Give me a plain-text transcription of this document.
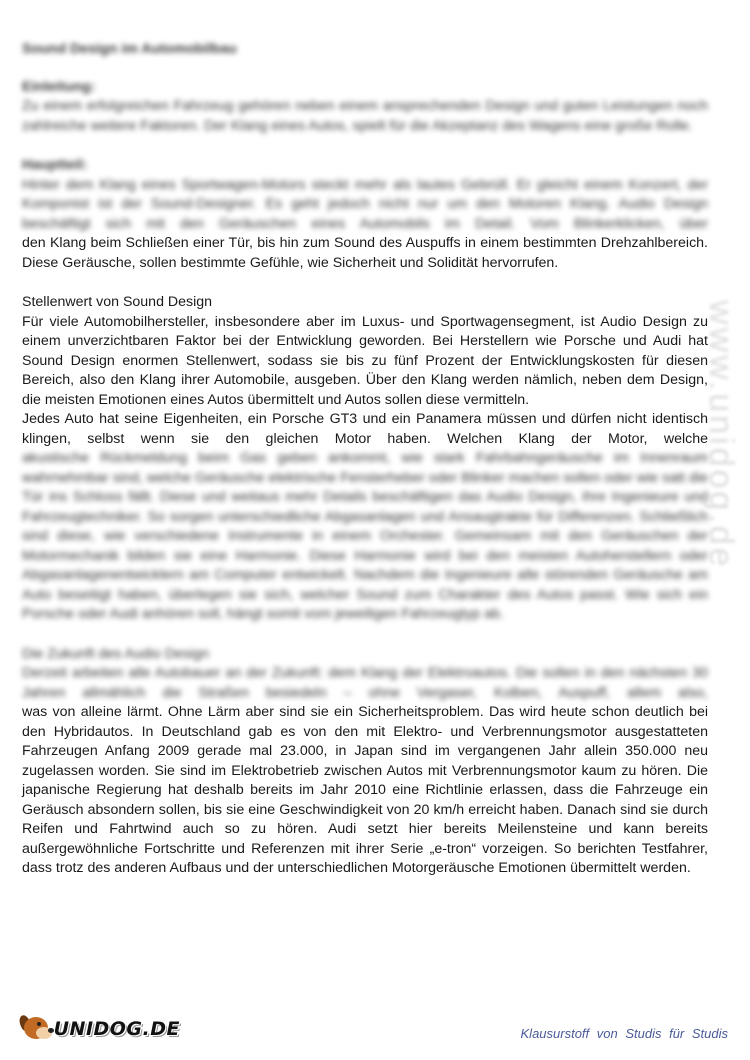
Sound Design im Automobilbau

Einleitung:

Zu einem erfolgreichen Fahrzeug gehören neben einem ansprechenden Design und guten Leistungen noch zahlreiche weitere Faktoren. Der Klang eines Autos, spielt für die Akzeptanz des Wagens eine große Rolle.

Hauptteil:

Hinter dem Klang eines Sportwagen-Motors steckt mehr als lautes Gebrüll. Er gleicht einem Konzert, der Komponist ist der Sound-Designer. Es geht jedoch nicht nur um den Motoren Klang. Audio Design beschäftigt sich mit den Geräuschen eines Automobils im Detail. Vom Blinkerklicken, über

den Klang beim Schließen einer Tür, bis hin zum Sound des Auspuffs in einem bestimmten Drehzahlbereich. Diese Geräusche, sollen bestimmte Gefühle, wie Sicherheit und Solidität hervorrufen.

Stellenwert von Sound Design

Für viele Automobilhersteller, insbesondere aber im Luxus- und Sportwagensegment, ist Audio Design zu einem unverzichtbaren Faktor bei der Entwicklung geworden. Bei Herstellern wie Porsche und Audi hat Sound Design enormen Stellenwert, sodass sie bis zu fünf Prozent der Entwicklungskosten für diesen Bereich, also den Klang ihrer Automobile, ausgeben. Über den Klang werden nämlich, neben dem Design, die meisten Emotionen eines Autos übermittelt und Autos sollen diese vermitteln.

Jedes Auto hat seine Eigenheiten, ein Porsche GT3 und ein Panamera müssen und dürfen nicht identisch klingen, selbst wenn sie den gleichen Motor haben. Welchen Klang der Motor, welche

akustische Rückmeldung beim Gas geben ankommt, wie stark Fahrbahngeräusche im Innenraum wahrnehmbar sind, welche Geräusche elektrische Fensterheber oder Blinker machen sollen oder wie satt die Tür ins Schloss fällt. Diese und weitaus mehr Details beschäftigen das Audio Design, ihre Ingenieure und Fahrzeugtechniker. So sorgen unterschiedliche Abgasanlagen und Ansaugtrakte für Differenzen. Schließlich sind diese, wie verschiedene Instrumente in einem Orchester. Gemeinsam mit den Geräuschen der Motormechanik bilden sie eine Harmonie. Diese Harmonie wird bei den meisten Autoherstellern oder Abgasanlagenentwicklern am Computer entwickelt. Nachdem die Ingenieure alle störenden Geräusche am Auto beseitigt haben, überlegen sie sich, welcher Sound zum Charakter des Autos passt. Wie sich ein Porsche oder Audi anhören soll, hängt somit vom jeweiligen Fahrzeugtyp ab.

Die Zukunft des Audio Design

Derzeit arbeiten alle Autobauer an der Zukunft: dem Klang der Elektroautos. Die sollen in den nächsten 30 Jahren allmählich die Straßen besiedeln – ohne Vergaser, Kolben, Auspuff, allem also,

was von alleine lärmt. Ohne Lärm aber sind sie ein Sicherheitsproblem. Das wird heute schon deutlich bei den Hybridautos. In Deutschland gab es von den mit Elektro- und Verbrennungsmotor ausgestatteten Fahrzeugen Anfang 2009 gerade mal 23.000, in Japan sind im vergangenen Jahr allein 350.000 neu zugelassen worden. Sie sind im Elektrobetrieb zwischen Autos mit Verbrennungsmotor kaum zu hören. Die japanische Regierung hat deshalb bereits im Jahr 2010 eine Richtlinie erlassen, dass die Fahrzeuge ein Geräusch absondern sollen, bis sie eine Geschwindigkeit von 20 km/h erreicht haben. Danach sind sie durch Reifen und Fahrtwind auch so zu hören. Audi setzt hier bereits Meilensteine und kann bereits außergewöhnliche Fortschritte und Referenzen mit ihrer Serie „e-tron“ vorzeigen. So berichten Testfahrer, dass trotz des anderen Aufbaus und der unterschiedlichen Motorgeräusche Emotionen übermittelt werden.

www.unidog.de
UNIDOG.DE	Klausurstoff von Studis für Studis
